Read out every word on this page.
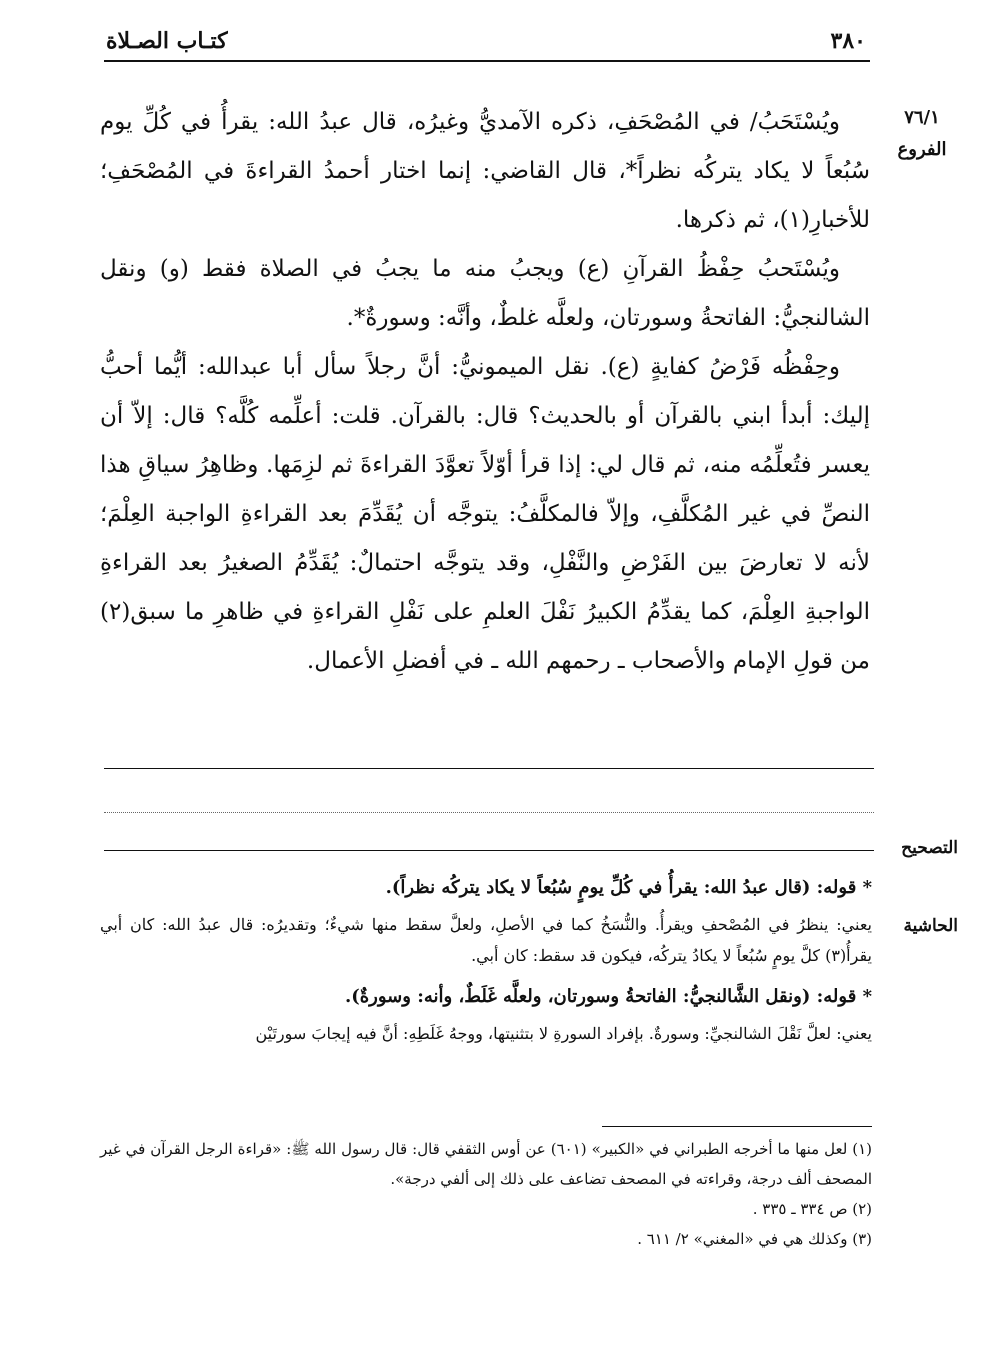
٣٨٠
كتـاب الصـلاة
٧٦/١
الفروع

ويُسْتَحَبُ/ في المُصْحَفِ، ذكره الآمديُّ وغيرُه، قال عبدُ الله: يقرأُ في كُلِّ يوم سُبُعاً لا يكاد يتركُه نظراً*، قال القاضي: إنما اختار أحمدُ القراءةَ في المُصْحَفِ؛ للأخبارِ(١)، ثم ذكرها.

ويُسْتَحبُ حِفْظُ القرآنِ (ع) ويجبُ منه ما يجبُ في الصلاة فقط (و) ونقل الشالنجيُّ: الفاتحةُ وسورتان، ولعلَّه غلطٌ، وأنَّه: وسورةٌ*.

وحِفْظُه فَرْضُ كفايةٍ (ع). نقل الميمونيُّ: أنَّ رجلاً سأل أبا عبدالله: أيُّما أحبُّ إليك: أبدأ ابني بالقرآن أو بالحديث؟ قال: بالقرآن. قلت: أعلِّمه كُلَّه؟ قال: إلاّ أن يعسر فتُعلِّمُه منه، ثم قال لي: إذا قرأ أوّلاً تعوَّدَ القراءةَ ثم لزِمَها. وظاهِرُ سياقِ هذا النصِّ في غير المُكلَّفِ، وإلاّ فالمكلَّفُ: يتوجَّه أن يُقَدِّمَ بعد القراءةِ الواجبة العِلْمَ؛ لأنه لا تعارضَ بين الفَرْضِ والنَّفْلِ، وقد يتوجَّه احتمالٌ: يُقَدِّمُ الصغيرُ بعد القراءةِ الواجبةِ العِلْمَ، كما يقدِّمُ الكبيرُ نَفْلَ العلمِ على نَفْلِ القراءةِ في ظاهرِ ما سبق(٢) من قولِ الإمام والأصحاب ـ رحمهم الله ـ في أفضلِ الأعمال.

التصحيح
الحاشية

* قوله: (قال عبدُ الله: يقرأُ في كُلِّ يومٍ سُبُعاً لا يكاد يتركُه نظراً).

يعني: ينظرُ في المُصْحفِ ويقرأُ. والنُّسَخُ كما في الأصلِ، ولعلَّ سقط منها شيءٌ؛ وتقديرُه: قال عبدُ الله: كان أبي يقرأُ(٣) كلَّ يومٍ سُبُعاً لا يكادُ يتركُه، فيكون قد سقط: كان أبي.

* قوله: (ونقل الشَّالنجيُّ: الفاتحةُ وسورتان، ولعلَّه غَلَطٌ، وأنه: وسورةٌ).

يعني: لعلَّ نَقْلَ الشالنجيِّ: وسورةٌ. بإفراد السورةِ لا بتثنيتها، ووجهُ غَلَطِهِ: أنَّ فيه إيجابَ سورتَيْن

(١) لعل منها ما أخرجه الطبراني في «الكبير» (٦٠١) عن أوس الثقفي قال: قال رسول الله ﷺ: «قراءة الرجل القرآن في غير المصحف ألف درجة، وقراءته في المصحف تضاعف على ذلك إلى ألفي درجة».

(٢) ص ٣٣٤ ـ ٣٣٥ .

(٣) وكذلك هي في «المغني» ٢/ ٦١١ .
